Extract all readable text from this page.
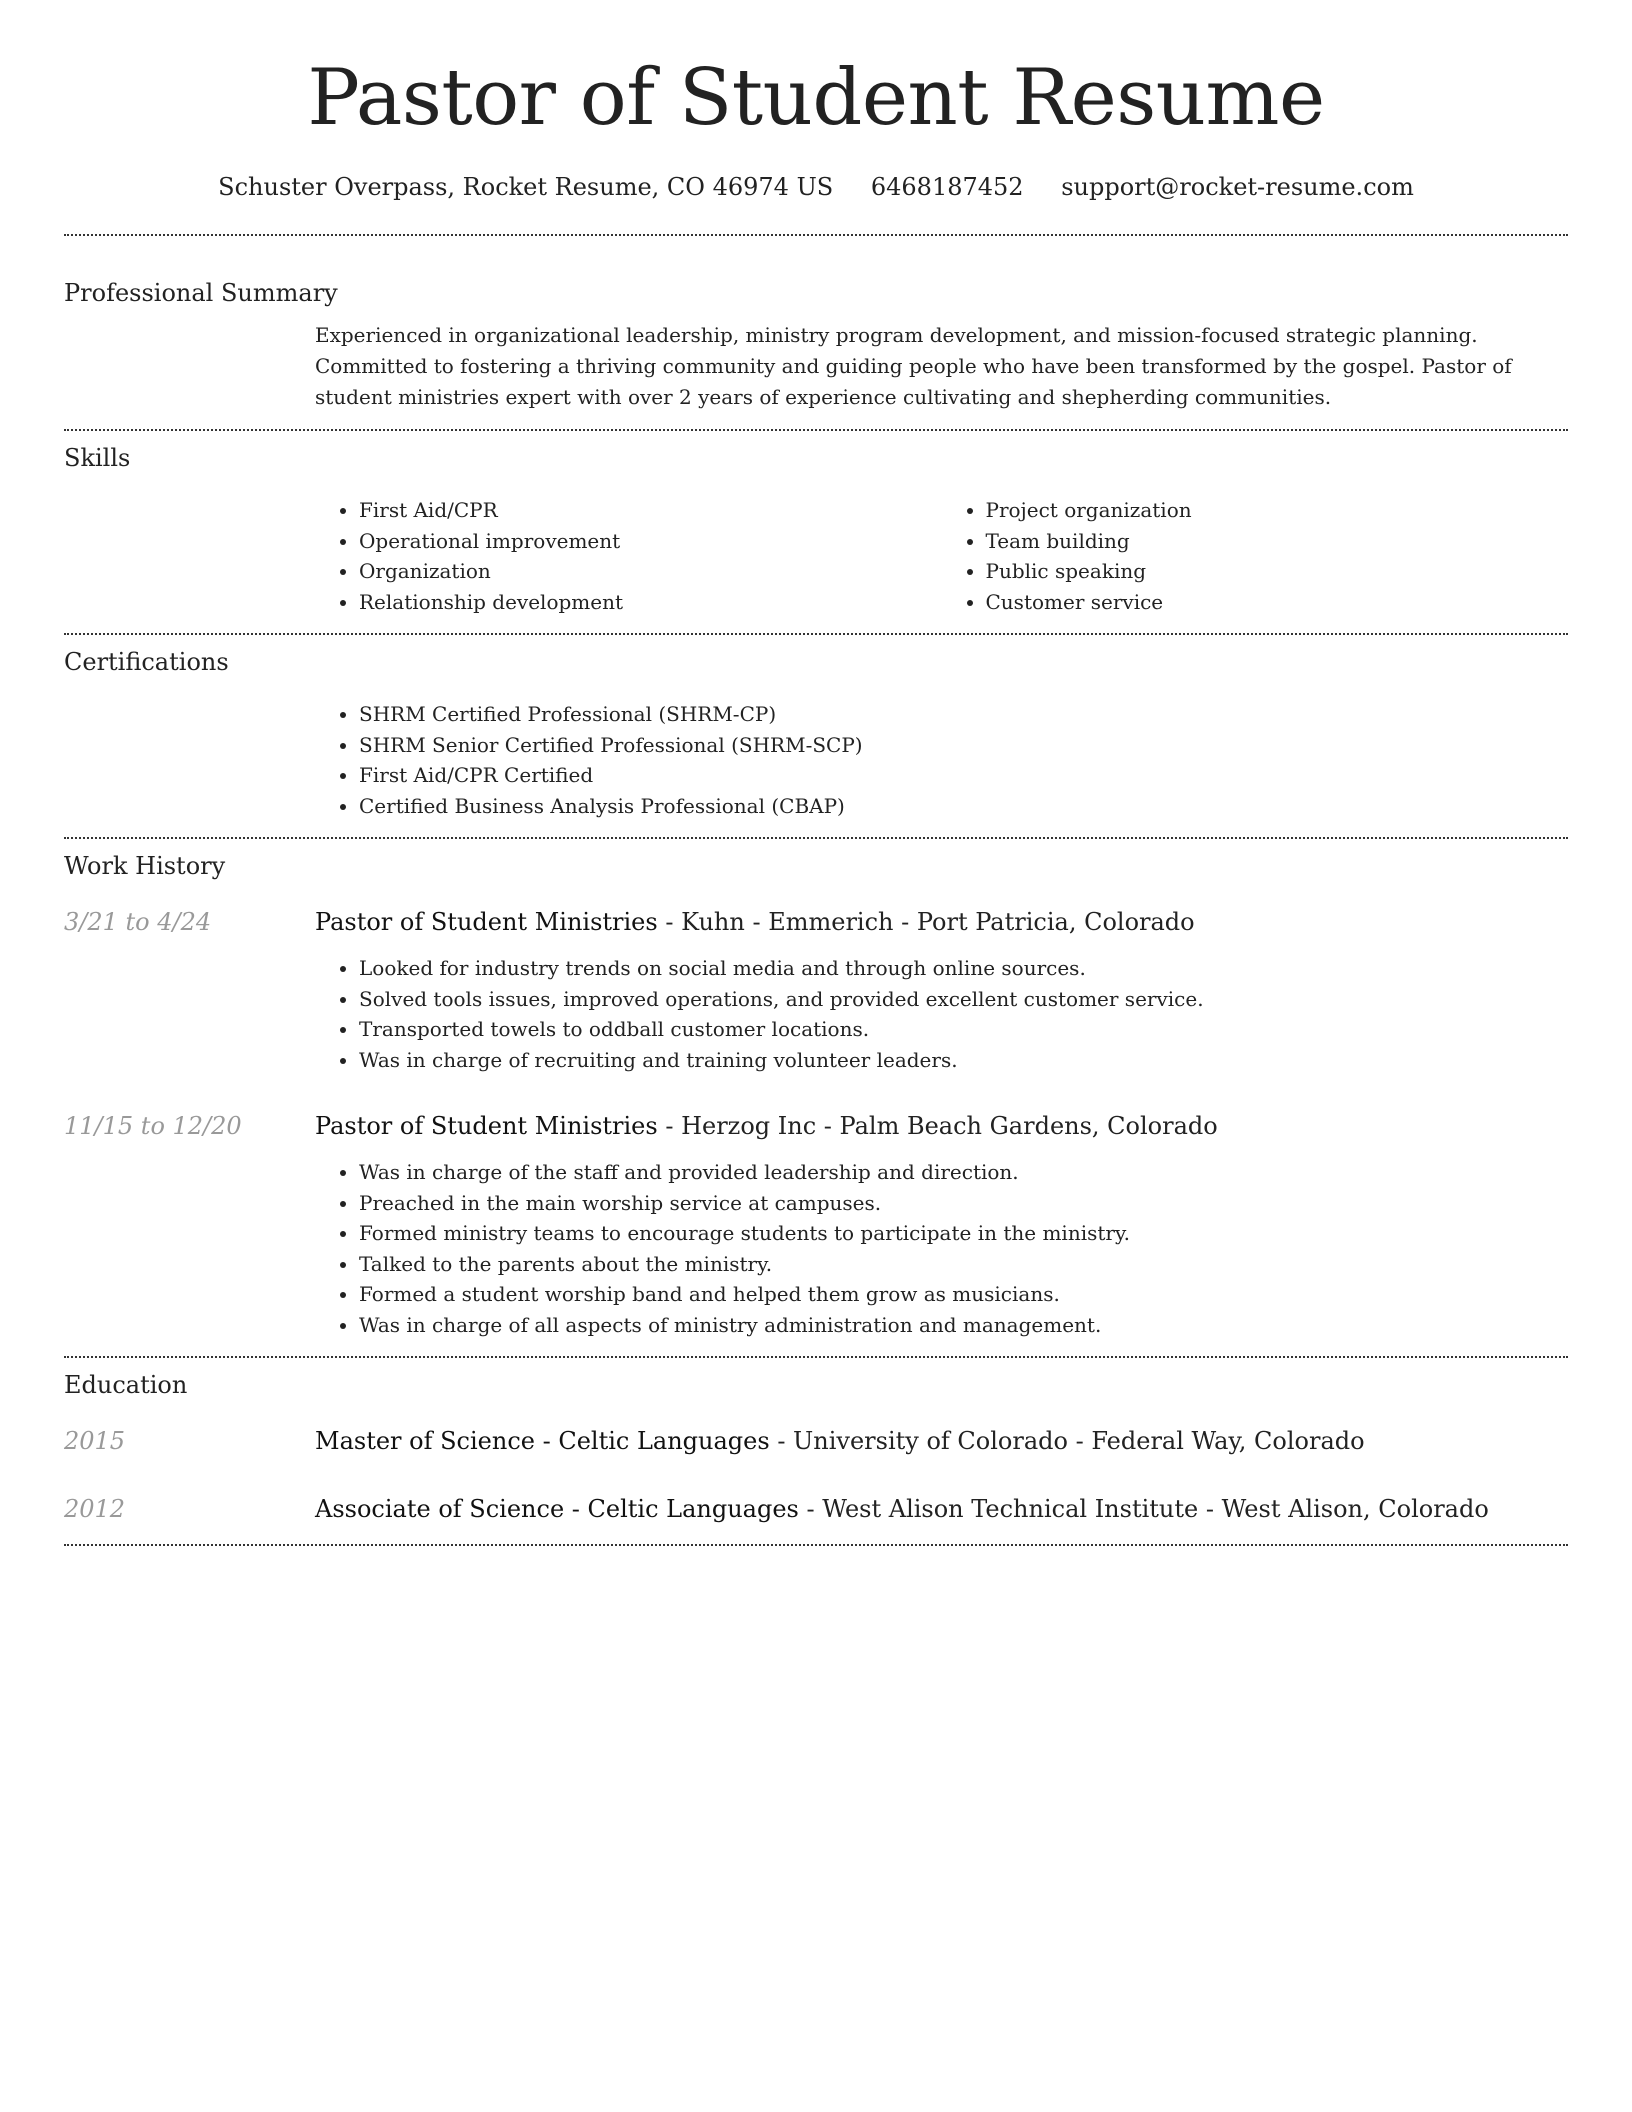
Pastor of Student Resume
Schuster Overpass, Rocket Resume, CO 46974 US 6468187452 support@rocket-resume.com
Professional Summary

Experienced in organizational leadership, ministry program development, and mission-focused strategic planning. Committed to fostering a thriving community and guiding people who have been transformed by the gospel. Pastor of student ministries expert with over 2 years of experience cultivating and shepherding communities.

Skills
• First Aid/CPR
• Operational improvement
• Organization
• Relationship development
• Project organization
• Team building
• Public speaking
• Customer service
Certifications
• SHRM Certified Professional (SHRM-CP)
• SHRM Senior Certified Professional (SHRM-SCP)
• First Aid/CPR Certified
• Certified Business Analysis Professional (CBAP)
Work History
3/21 to 4/24	Pastor of Student Ministries - Kuhn - Emmerich - Port Patricia, Colorado
• Looked for industry trends on social media and through online sources.
• Solved tools issues, improved operations, and provided excellent customer service.
• Transported towels to oddball customer locations.
• Was in charge of recruiting and training volunteer leaders.
11/15 to 12/20	Pastor of Student Ministries - Herzog Inc - Palm Beach Gardens, Colorado
• Was in charge of the staff and provided leadership and direction.
• Preached in the main worship service at campuses.
• Formed ministry teams to encourage students to participate in the ministry.
• Talked to the parents about the ministry.
• Formed a student worship band and helped them grow as musicians.
• Was in charge of all aspects of ministry administration and management.
Education
2015	Master of Science - Celtic Languages - University of Colorado - Federal Way, Colorado
2012	Associate of Science - Celtic Languages - West Alison Technical Institute - West Alison, Colorado
